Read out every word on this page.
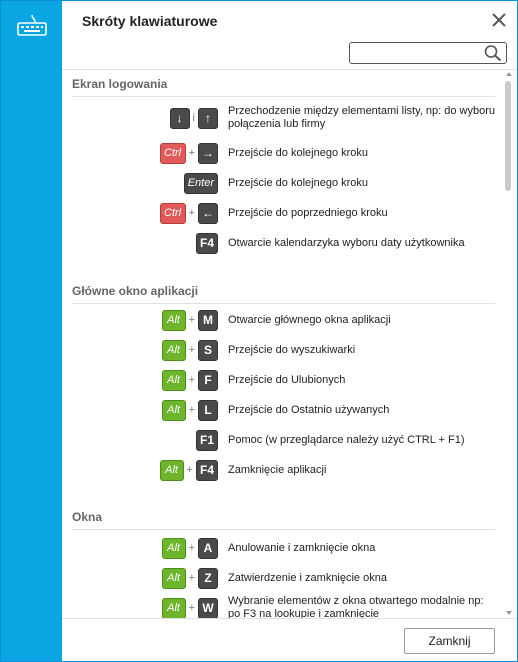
Skróty klawiaturowe
Ekran logowania
↓ i ↑	Przechodzenie między elementami listy, np: do wyboru połączenia lub firmy
Ctrl + →	Przejście do kolejnego kroku
Enter	Przejście do kolejnego kroku
Ctrl + ←	Przejście do poprzedniego kroku
F4	Otwarcie kalendarzyka wyboru daty użytkownika
Główne okno aplikacji
Alt + M	Otwarcie głównego okna aplikacji
Alt + S	Przejście do wyszukiwarki
Alt + F	Przejście do Ulubionych
Alt + L	Przejście do Ostatnio używanych
F1	Pomoc (w przeglądarce należy użyć CTRL + F1)
Alt + F4	Zamknięcie aplikacji
Okna
Alt + A	Anulowanie i zamknięcie okna
Alt + Z	Zatwierdzenie i zamknięcie okna
Alt + W	Wybranie elementów z okna otwartego modalnie np: po F3 na lookupie i zamknięcie
Zamknij
